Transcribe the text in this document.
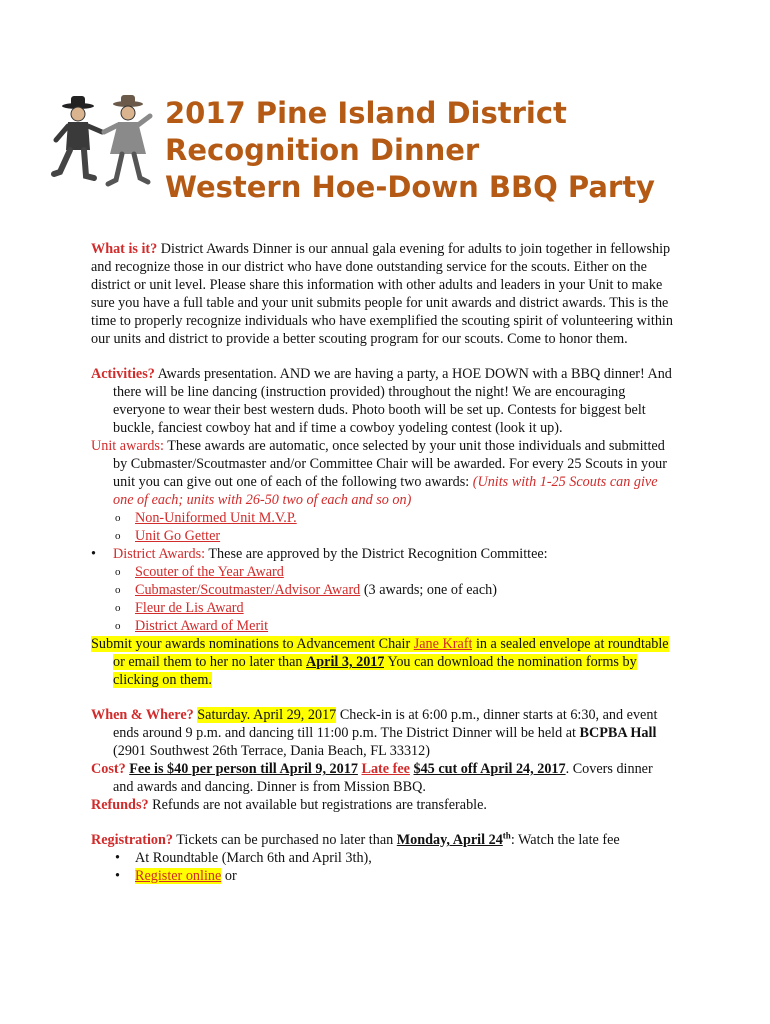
2017 Pine Island District
Recognition Dinner
Western Hoe-Down BBQ Party

What is it? District Awards Dinner is our annual gala evening for adults to join together in fellowship and recognize those in our district who have done outstanding service for the scouts. Either on the district or unit level. Please share this information with other adults and leaders in your Unit to make sure you have a full table and your unit submits people for unit awards and district awards. This is the time to properly recognize individuals who have exemplified the scouting spirit of volunteering within our units and district to provide a better scouting program for our scouts. Come to honor them.

Activities? Awards presentation. AND we are having a party, a HOE DOWN with a BBQ dinner! And there will be line dancing (instruction provided) throughout the night! We are encouraging everyone to wear their best western duds. Photo booth will be set up. Contests for biggest belt buckle, fanciest cowboy hat and if time a cowboy yodeling contest (look it up).
Unit awards: These awards are automatic, once selected by your unit those individuals and submitted by Cubmaster/Scoutmaster and/or Committee Chair will be awarded. For every 25 Scouts in your unit you can give out one of each of the following two awards: (Units with 1-25 Scouts can give one of each; units with 26-50 two of each and so on)
o Non-Uniformed Unit M.V.P.
o Unit Go Getter
• District Awards: These are approved by the District Recognition Committee:
o Scouter of the Year Award
o Cubmaster/Scoutmaster/Advisor Award (3 awards; one of each)
o Fleur de Lis Award
o District Award of Merit
Submit your awards nominations to Advancement Chair Jane Kraft in a sealed envelope at roundtable or email them to her no later than April 3, 2017 You can download the nomination forms by clicking on them.
When & Where? Saturday. April 29, 2017 Check-in is at 6:00 p.m., dinner starts at 6:30, and event ends around 9 p.m. and dancing till 11:00 p.m. The District Dinner will be held at BCPBA Hall (2901 Southwest 26th Terrace, Dania Beach, FL 33312)
Cost? Fee is $40 per person till April 9, 2017 Late fee $45 cut off April 24, 2017. Covers dinner and awards and dancing. Dinner is from Mission BBQ.
Refunds? Refunds are not available but registrations are transferable.
Registration? Tickets can be purchased no later than Monday, April 24th: Watch the late fee
• At Roundtable (March 6th and April 3th),
• Register online or
